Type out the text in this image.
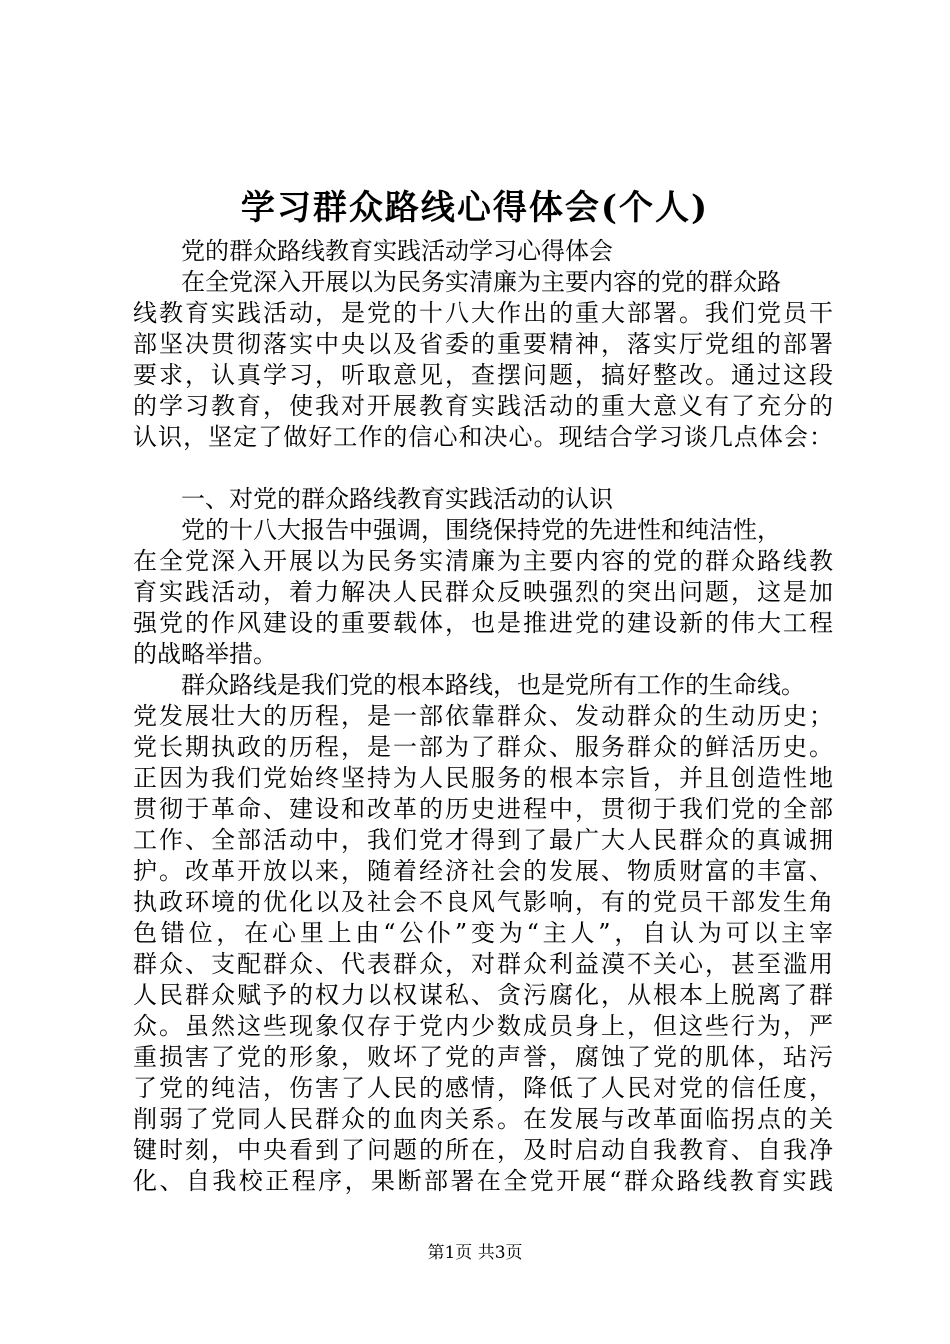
学习群众路线心得体会(个人)

党的群众路线教育实践活动学习心得体会

在全党深入开展以为民务实清廉为主要内容的党的群众路

线教育实践活动，是党的十八大作出的重大部署。我们党员干

部坚决贯彻落实中央以及省委的重要精神，落实厅党组的部署

要求，认真学习，听取意见，查摆问题，搞好整改。通过这段

的学习教育，使我对开展教育实践活动的重大意义有了充分的

认识，坚定了做好工作的信心和决心。现结合学习谈几点体会：

一、对党的群众路线教育实践活动的认识

党的十八大报告中强调，围绕保持党的先进性和纯洁性，

在全党深入开展以为民务实清廉为主要内容的党的群众路线教

育实践活动，着力解决人民群众反映强烈的突出问题，这是加

强党的作风建设的重要载体，也是推进党的建设新的伟大工程

的战略举措。

群众路线是我们党的根本路线，也是党所有工作的生命线。

党发展壮大的历程，是一部依靠群众、发动群众的生动历史；

党长期执政的历程，是一部为了群众、服务群众的鲜活历史。

正因为我们党始终坚持为人民服务的根本宗旨，并且创造性地

贯彻于革命、建设和改革的历史进程中，贯彻于我们党的全部

工作、全部活动中，我们党才得到了最广大人民群众的真诚拥

护。改革开放以来，随着经济社会的发展、物质财富的丰富、

执政环境的优化以及社会不良风气影响，有的党员干部发生角

色错位，在心里上由“公仆”变为“主人”，自认为可以主宰

群众、支配群众、代表群众，对群众利益漠不关心，甚至滥用

人民群众赋予的权力以权谋私、贪污腐化，从根本上脱离了群

众。虽然这些现象仅存于党内少数成员身上，但这些行为，严

重损害了党的形象，败坏了党的声誉，腐蚀了党的肌体，玷污

了党的纯洁，伤害了人民的感情，降低了人民对党的信任度，

削弱了党同人民群众的血肉关系。在发展与改革面临拐点的关

键时刻，中央看到了问题的所在，及时启动自我教育、自我净

化、自我校正程序，果断部署在全党开展“群众路线教育实践

第1页 共3页
